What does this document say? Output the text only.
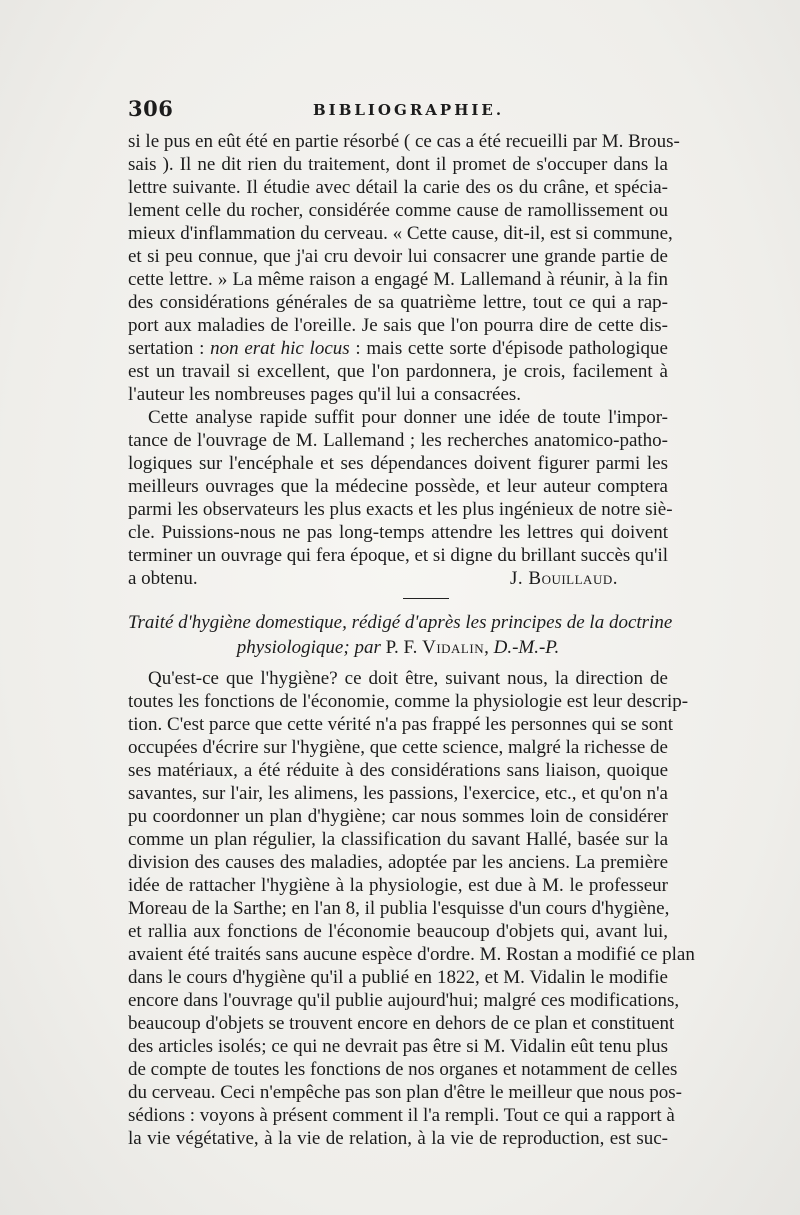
306	BIBLIOGRAPHIE.
si le pus en eût été en partie résorbé ( ce cas a été recueilli par M. Brous-
sais ). Il ne dit rien du traitement, dont il promet de s'occuper dans la
lettre suivante. Il étudie avec détail la carie des os du crâne, et spécia-
lement celle du rocher, considérée comme cause de ramollissement ou
mieux d'inflammation du cerveau. « Cette cause, dit-il, est si commune,
et si peu connue, que j'ai cru devoir lui consacrer une grande partie de
cette lettre. » La même raison a engagé M. Lallemand à réunir, à la fin
des considérations générales de sa quatrième lettre, tout ce qui a rap-
port aux maladies de l'oreille. Je sais que l'on pourra dire de cette dis-
sertation : non erat hic locus : mais cette sorte d'épisode pathologique
est un travail si excellent, que l'on pardonnera, je crois, facilement à
l'auteur les nombreuses pages qu'il lui a consacrées.
Cette analyse rapide suffit pour donner une idée de toute l'impor-
tance de l'ouvrage de M. Lallemand ; les recherches anatomico-patho-
logiques sur l'encéphale et ses dépendances doivent figurer parmi les
meilleurs ouvrages que la médecine possède, et leur auteur comptera
parmi les observateurs les plus exacts et les plus ingénieux de notre siè-
cle. Puissions-nous ne pas long-temps attendre les lettres qui doivent
terminer un ouvrage qui fera époque, et si digne du brillant succès qu'il
a obtenu.	J. Bouillaud.
Traité d'hygiène domestique, rédigé d'après les principes de la doctrine
physiologique; par P. F. Vidalin, D.-M.-P.
Qu'est-ce que l'hygiène? ce doit être, suivant nous, la direction de
toutes les fonctions de l'économie, comme la physiologie est leur descrip-
tion. C'est parce que cette vérité n'a pas frappé les personnes qui se sont
occupées d'écrire sur l'hygiène, que cette science, malgré la richesse de
ses matériaux, a été réduite à des considérations sans liaison, quoique
savantes, sur l'air, les alimens, les passions, l'exercice, etc., et qu'on n'a
pu coordonner un plan d'hygiène; car nous sommes loin de considérer
comme un plan régulier, la classification du savant Hallé, basée sur la
division des causes des maladies, adoptée par les anciens. La première
idée de rattacher l'hygiène à la physiologie, est due à M. le professeur
Moreau de la Sarthe; en l'an 8, il publia l'esquisse d'un cours d'hygiène,
et rallia aux fonctions de l'économie beaucoup d'objets qui, avant lui,
avaient été traités sans aucune espèce d'ordre. M. Rostan a modifié ce plan
dans le cours d'hygiène qu'il a publié en 1822, et M. Vidalin le modifie
encore dans l'ouvrage qu'il publie aujourd'hui; malgré ces modifications,
beaucoup d'objets se trouvent encore en dehors de ce plan et constituent
des articles isolés; ce qui ne devrait pas être si M. Vidalin eût tenu plus
de compte de toutes les fonctions de nos organes et notamment de celles
du cerveau. Ceci n'empêche pas son plan d'être le meilleur que nous pos-
sédions : voyons à présent comment il l'a rempli. Tout ce qui a rapport à
la vie végétative, à la vie de relation, à la vie de reproduction, est suc-
